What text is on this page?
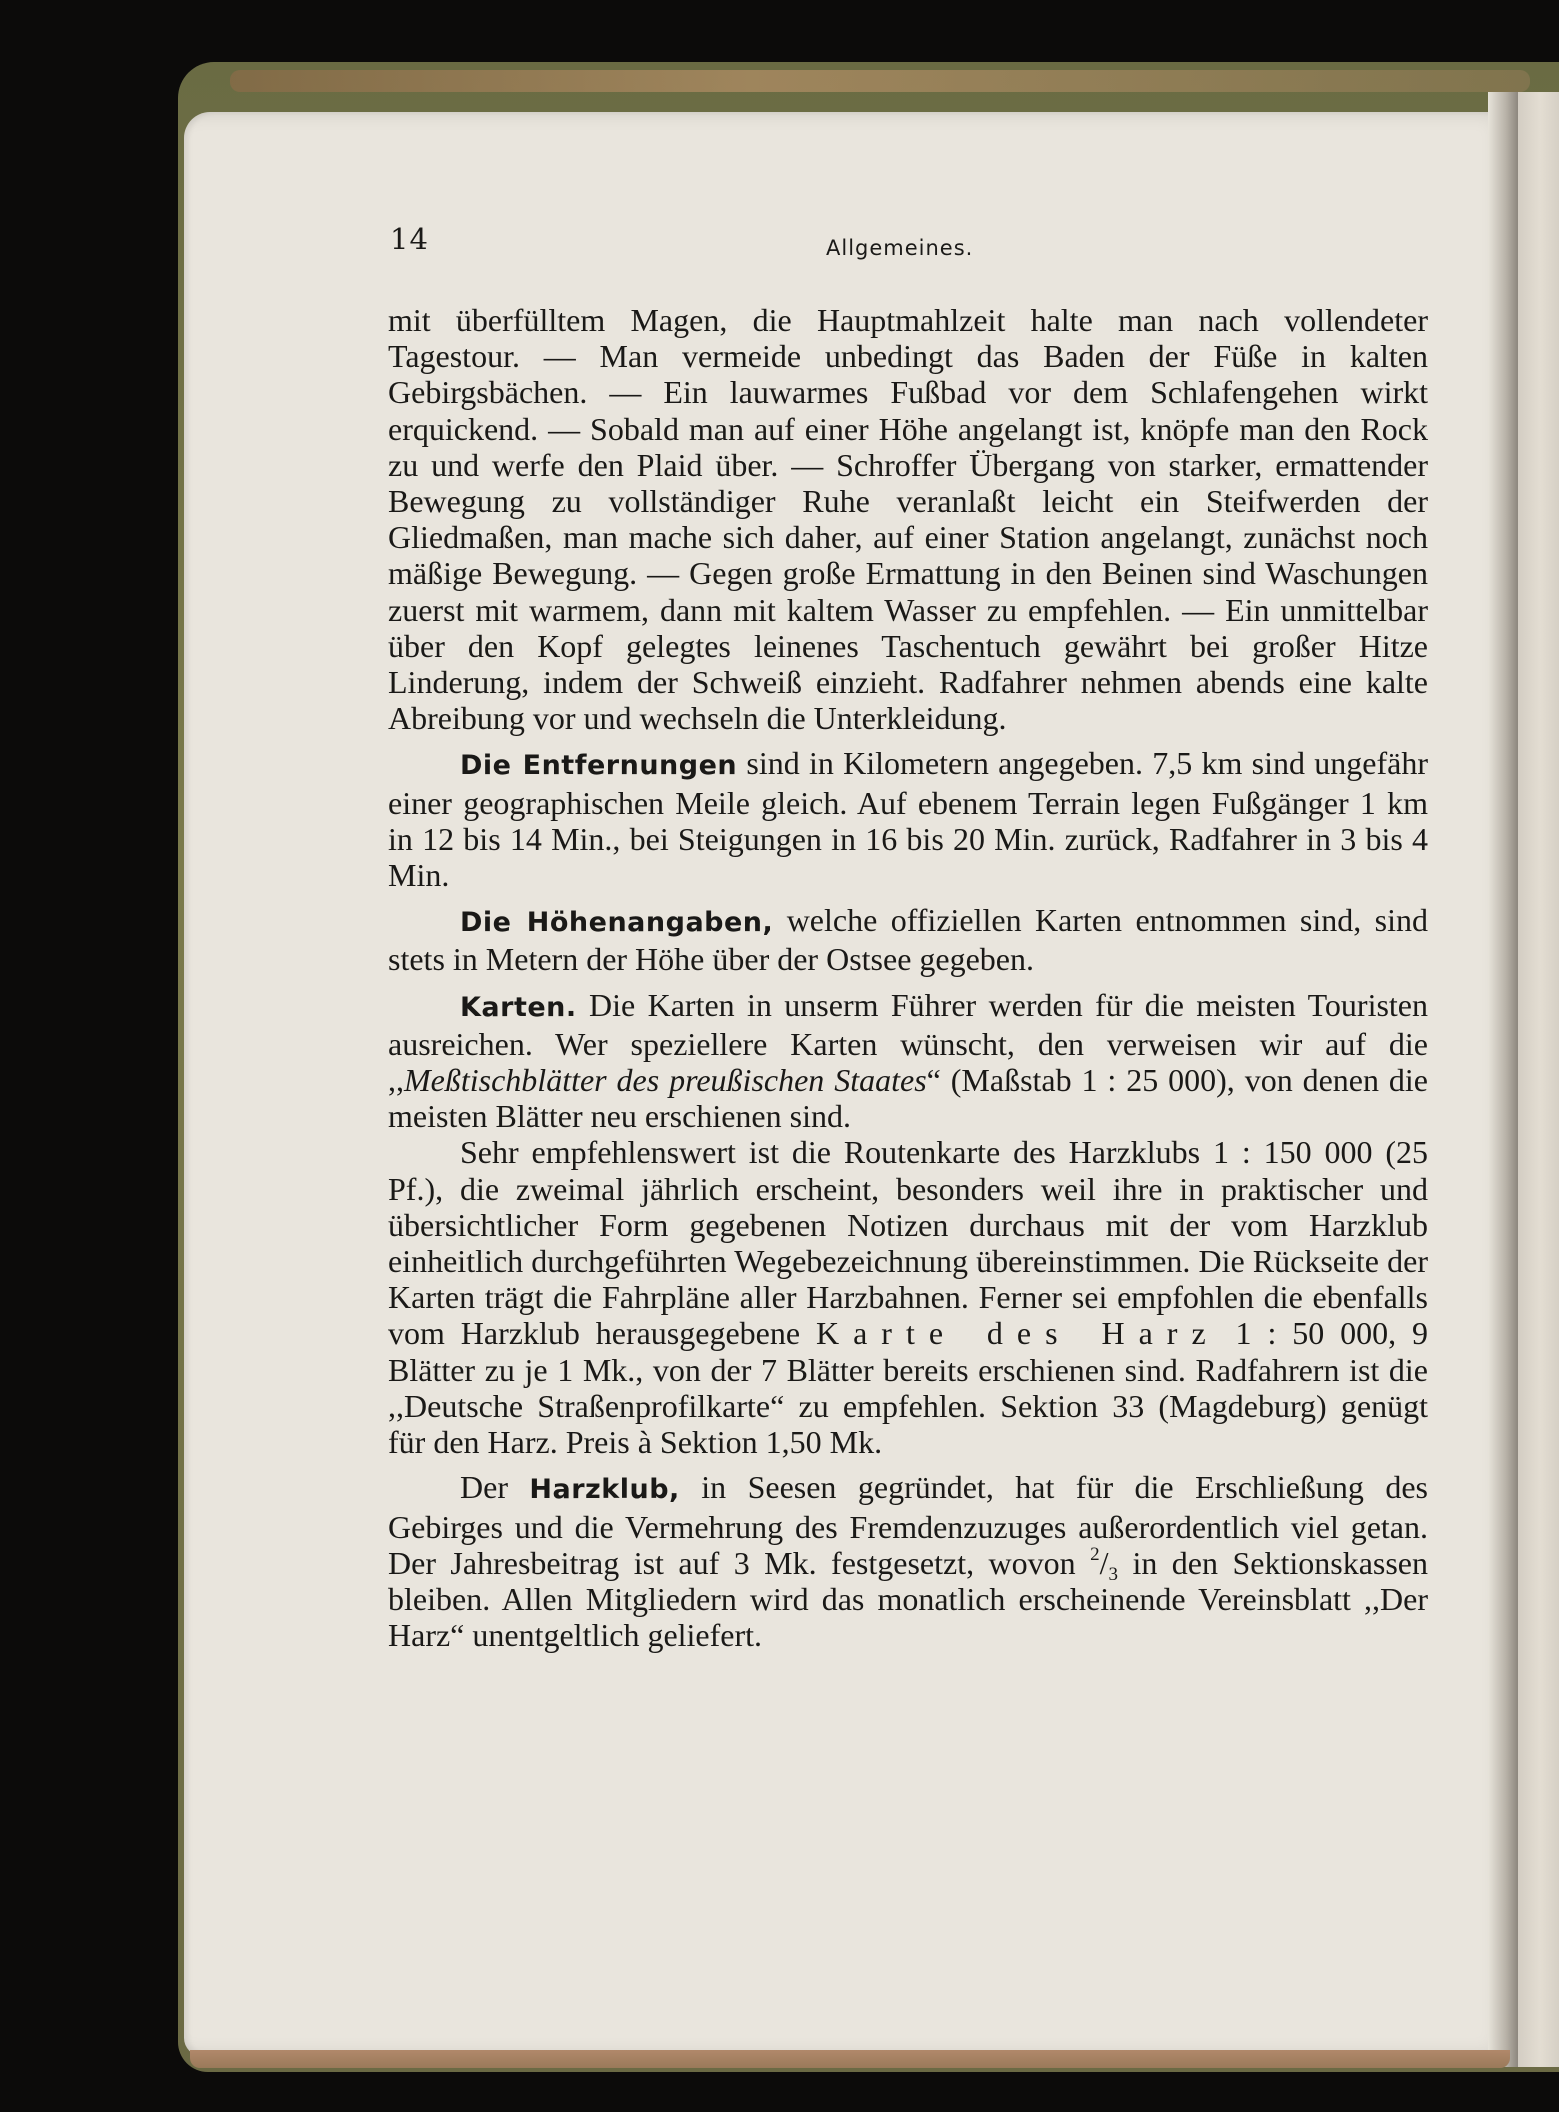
14	Allgemeines.

mit überfülltem Magen, die Hauptmahlzeit halte man nach vollendeter Tagestour. — Man vermeide unbedingt das Baden der Füße in kalten Gebirgsbächen. — Ein lauwarmes Fußbad vor dem Schlafengehen wirkt erquickend. — Sobald man auf einer Höhe angelangt ist, knöpfe man den Rock zu und werfe den Plaid über. — Schroffer Übergang von starker, ermattender Bewegung zu vollständiger Ruhe veranlaßt leicht ein Steifwerden der Gliedmaßen, man mache sich daher, auf einer Station angelangt, zunächst noch mäßige Bewegung. — Gegen große Ermattung in den Beinen sind Waschungen zuerst mit warmem, dann mit kaltem Wasser zu empfehlen. — Ein unmittelbar über den Kopf gelegtes leinenes Taschentuch gewährt bei großer Hitze Linderung, indem der Schweiß einzieht. Radfahrer nehmen abends eine kalte Abreibung vor und wechseln die Unterkleidung.

Die Entfernungen sind in Kilometern angegeben. 7,5 km sind ungefähr einer geographischen Meile gleich. Auf ebenem Terrain legen Fußgänger 1 km in 12 bis 14 Min., bei Steigungen in 16 bis 20 Min. zurück, Radfahrer in 3 bis 4 Min.

Die Höhenangaben, welche offiziellen Karten entnommen sind, sind stets in Metern der Höhe über der Ostsee gegeben.

Karten. Die Karten in unserm Führer werden für die meisten Touristen ausreichen. Wer speziellere Karten wünscht, den verweisen wir auf die ,,Meßtischblätter des preußischen Staates“ (Maßstab 1 : 25 000), von denen die meisten Blätter neu erschienen sind.

Sehr empfehlenswert ist die Routenkarte des Harzklubs 1 : 150 000 (25 Pf.), die zweimal jährlich erscheint, besonders weil ihre in praktischer und übersichtlicher Form gegebenen Notizen durchaus mit der vom Harzklub einheitlich durchgeführten Wegebezeichnung übereinstimmen. Die Rückseite der Karten trägt die Fahrpläne aller Harzbahnen. Ferner sei empfohlen die ebenfalls vom Harzklub herausgegebene Karte des Harz 1 : 50 000, 9 Blätter zu je 1 Mk., von der 7 Blätter bereits erschienen sind. Radfahrern ist die ,,Deutsche Straßenprofilkarte“ zu empfehlen. Sektion 33 (Magdeburg) genügt für den Harz. Preis à Sektion 1,50 Mk.

Der Harzklub, in Seesen gegründet, hat für die Erschließung des Gebirges und die Vermehrung des Fremdenzuzuges außerordentlich viel getan. Der Jahresbeitrag ist auf 3 Mk. festgesetzt, wovon $^2/_3$ in den Sektionskassen bleiben. Allen Mitgliedern wird das monatlich erscheinende Vereinsblatt ,,Der Harz“ unentgeltlich geliefert.
